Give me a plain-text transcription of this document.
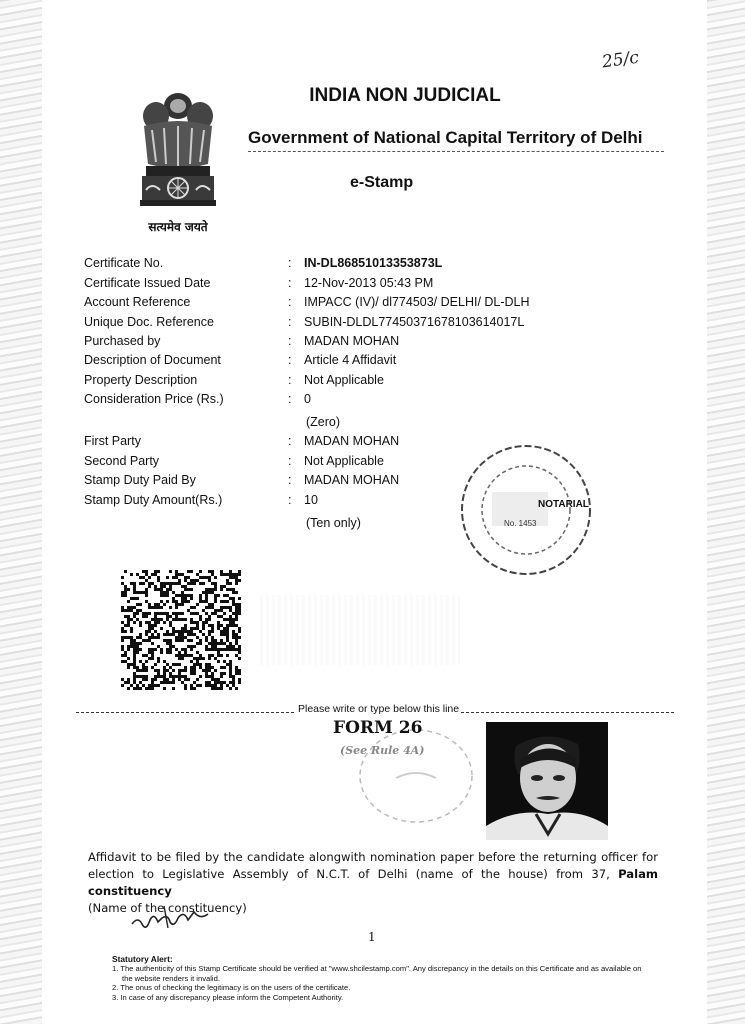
25/c
सत्यमेव जयते
INDIA NON JUDICIAL
Government of National Capital Territory of Delhi
e-Stamp
Certificate No.	: IN-DL86851013353873L
Certificate Issued Date	: 12-Nov-2013 05:43 PM
Account Reference	: IMPACC (IV)/ dl774503/ DELHI/ DL-DLH
Unique Doc. Reference	: SUBIN-DLDL77450371678103614017L
Purchased by	: MADAN MOHAN
Description of Document	: Article 4 Affidavit
Property Description	: Not Applicable
Consideration Price (Rs.)	: 0
(Zero)
First Party	: MADAN MOHAN
Second Party	: Not Applicable
Stamp Duty Paid By	: MADAN MOHAN
Stamp Duty Amount(Rs.)	: 10
(Ten only)
NOTARIAL
No. 1453
Please write or type below this line
FORM 26
(See Rule 4A)
Affidavit to be filed by the candidate alongwith nomination paper before the returning officer for election to Legislative Assembly of N.C.T. of Delhi (name of the house) from 37, Palam constituency
(Name of the constituency)
1
Statutory Alert:
1. The authenticity of this Stamp Certificate should be verified at "www.shcilestamp.com". Any discrepancy in the details on this Certificate and as available on the website renders it invalid.
2. The onus of checking the legitimacy is on the users of the certificate.
3. In case of any discrepancy please inform the Competent Authority.
